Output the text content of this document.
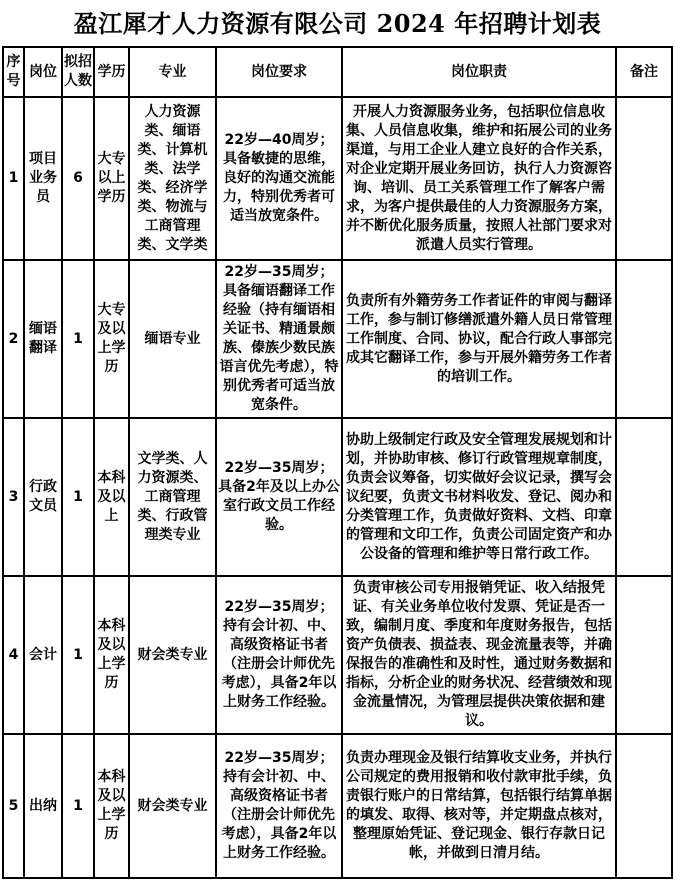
盈江犀才人力资源有限公司 2024 年招聘计划表
序号	岗位	拟招人数	学历	专业	岗位要求	岗位职责	备注
1	项目业务员	6	大专以上学历	人力资源类、缅语类、计算机类、法学类、经济学类、物流与工商管理类、文学类	22岁—40周岁；具备敏捷的思维，良好的沟通交流能力，特别优秀者可适当放宽条件。	开展人力资源服务业务，包括职位信息收集、人员信息收集，维护和拓展公司的业务渠道，与用工企业人建立良好的合作关系，对企业定期开展业务回访，执行人力资源咨询、培训、员工关系管理工作了解客户需求，为客户提供最佳的人力资源服务方案，并不断优化服务质量，按照人社部门要求对派遣人员实行管理。	
2	缅语翻译	1	大专及以上学历	缅语专业	22岁—35周岁；具备缅语翻译工作经验（持有缅语相关证书、精通景颇族、傣族少数民族语言优先考虑），特别优秀者可适当放宽条件。	负责所有外籍劳务工作者证件的审阅与翻译工作，参与制订修缮派遣外籍人员日常管理工作制度、合同、协议，配合行政人事部完成其它翻译工作，参与开展外籍劳务工作者的培训工作。	
3	行政文员	1	本科及以上	文学类、人力资源类、工商管理类、行政管理类专业	22岁—35周岁；具备2年及以上办公室行政文员工作经验。	协助上级制定行政及安全管理发展规划和计划，并协助审核、修订行政管理规章制度，负责会议筹备，切实做好会议记录，撰写会议纪要，负责文书材料收发、登记、阅办和分类管理工作，负责做好资料、文档、印章的管理和文印工作，负责公司固定资产和办公设备的管理和维护等日常行政工作。	
4	会计	1	本科及以上学历	财会类专业	22岁—35周岁；持有会计初、中、高级资格证书者（注册会计师优先考虑），具备2年以上财务工作经验。	负责审核公司专用报销凭证、收入结报凭证、有关业务单位收付发票、凭证是否一致，编制月度、季度和年度财务报告，包括资产负债表、损益表、现金流量表等，并确保报告的准确性和及时性，通过财务数据和指标，分析企业的财务状况、经营绩效和现金流量情况，为管理层提供决策依据和建议。	
5	出纳	1	本科及以上学历	财会类专业	22岁—35周岁；持有会计初、中、高级资格证书者（注册会计师优先考虑），具备2年以上财务工作经验。	负责办理现金及银行结算收支业务，并执行公司规定的费用报销和收付款审批手续，负责银行账户的日常结算，包括银行结算单据的填发、取得、核对等，并定期盘点核对，整理原始凭证、登记现金、银行存款日记帐，并做到日清月结。	
